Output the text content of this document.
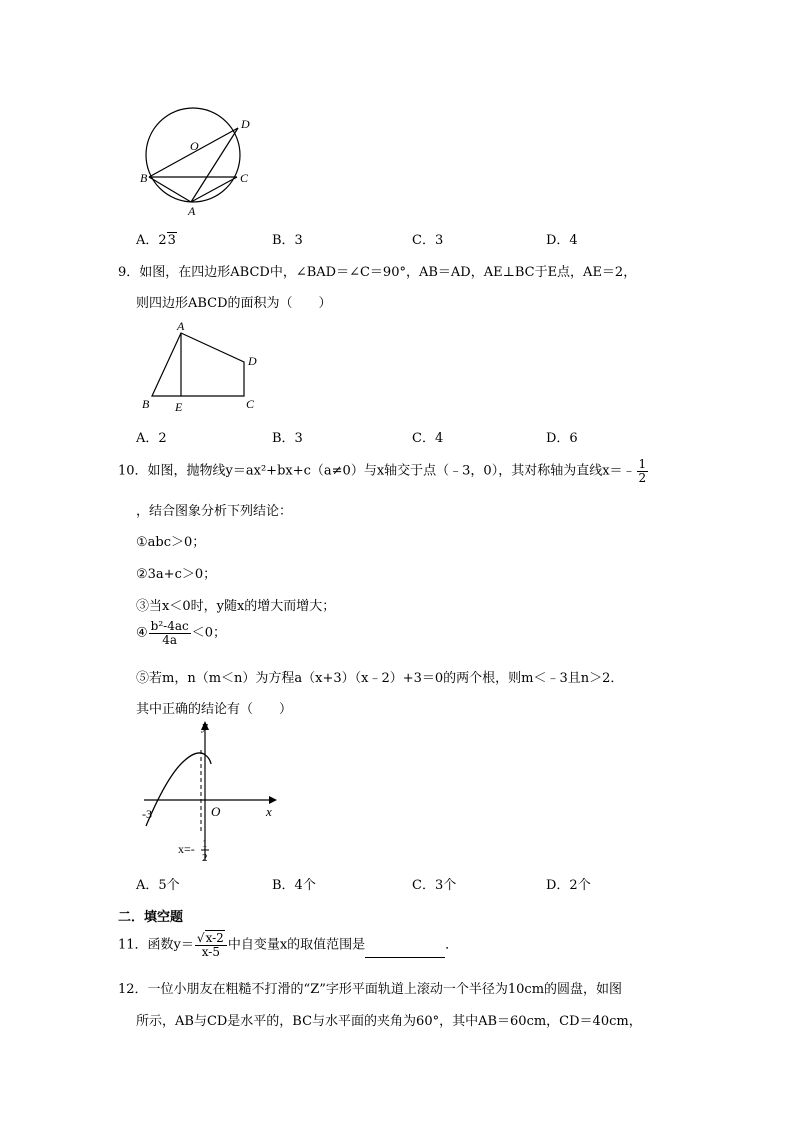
O
D
B	C
A
A．23	B．3	C．3	D．4
9．如图，在四边形ABCD中，∠BAD＝∠C＝90°，AB＝AD，AE⊥BC于E点，AE＝2，
则四边形ABCD的面积为（　　）
A
D
B E	C
A．2	B．3	C．4	D．6
10．如图，抛物线y＝ax²+bx+c（a≠0）与x轴交于点（﹣3，0），其对称轴为直线x＝﹣ $\frac{1}{2}$
，结合图象分析下列结论：
①abc＞0；
②3a+c＞0；
③当x＜0时，y随x的增大而增大；
④ $\frac{\text{b²-4ac}}{4a} <0$；
⑤若m，n（m＜n）为方程a（x+3）（x﹣2）+3＝0的两个根，则m＜﹣3且n＞2．
其中正确的结论有（　　）
y
x
O
-3
x=- 1
2
A．5个	B．4个	C．3个	D．2个
二．填空题
11．函数$y= \frac{√x-2}{x-5}$ 中自变量x的取值范围是	．
12．一位小朋友在粗糙不打滑的“Z”字形平面轨道上滚动一个半径为10cm的圆盘，如图
所示，AB与CD是水平的，BC与水平面的夹角为60°，其中AB＝60cm，CD＝40cm，
